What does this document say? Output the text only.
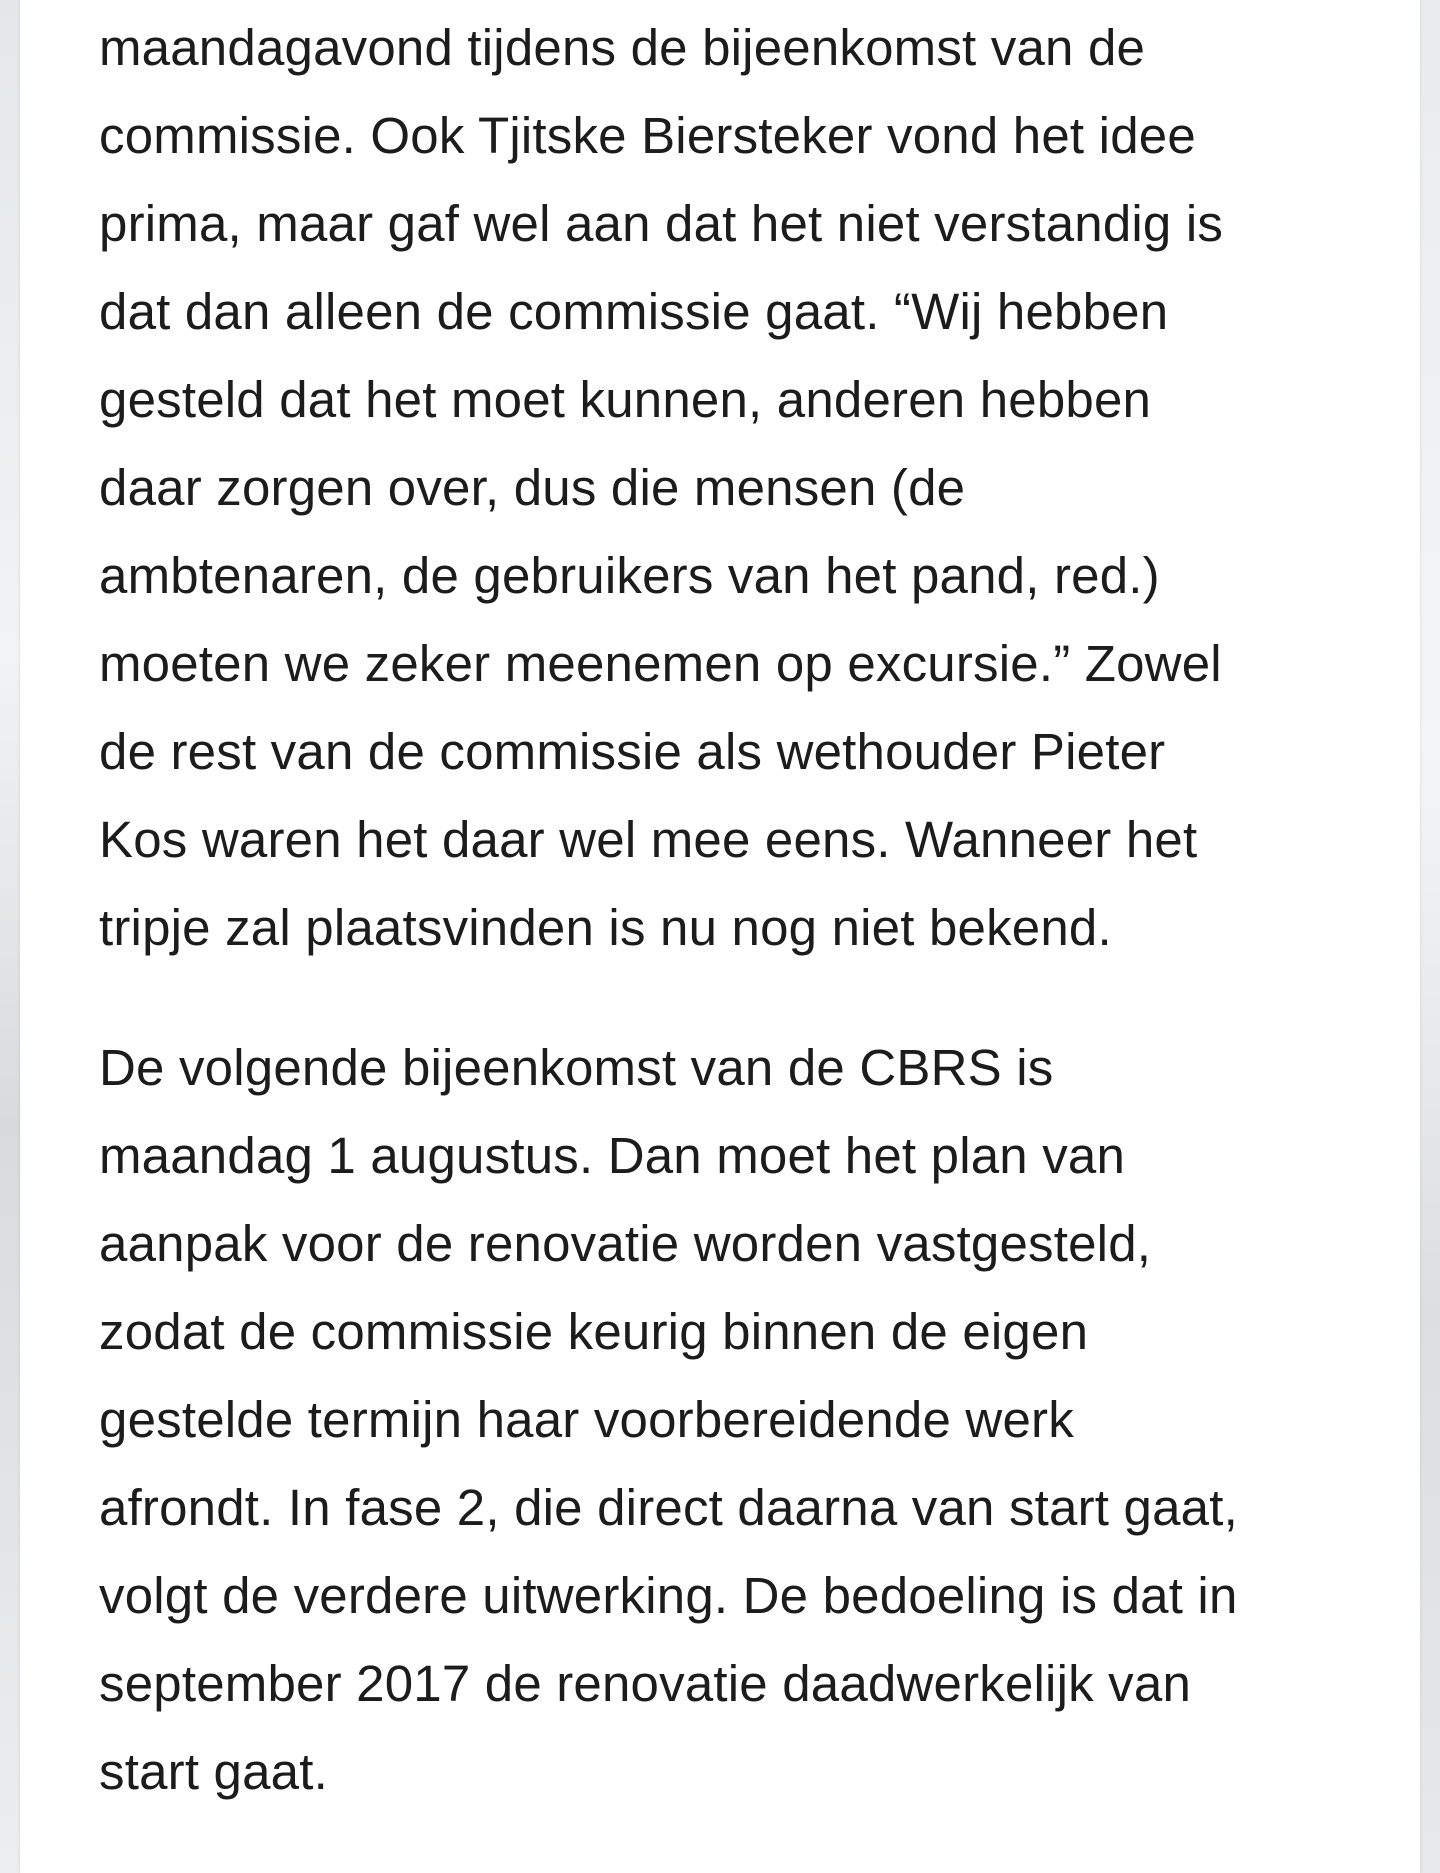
maandagavond tijdens de bijeenkomst van de
commissie. Ook Tjitske Biersteker vond het idee
prima, maar gaf wel aan dat het niet verstandig is
dat dan alleen de commissie gaat. “Wij hebben
gesteld dat het moet kunnen, anderen hebben
daar zorgen over, dus die mensen (de
ambtenaren, de gebruikers van het pand, red.)
moeten we zeker meenemen op excursie.” Zowel
de rest van de commissie als wethouder Pieter
Kos waren het daar wel mee eens. Wanneer het
tripje zal plaatsvinden is nu nog niet bekend.

De volgende bijeenkomst van de CBRS is
maandag 1 augustus. Dan moet het plan van
aanpak voor de renovatie worden vastgesteld,
zodat de commissie keurig binnen de eigen
gestelde termijn haar voorbereidende werk
afrondt. In fase 2, die direct daarna van start gaat,
volgt de verdere uitwerking. De bedoeling is dat in
september 2017 de renovatie daadwerkelijk van
start gaat.
